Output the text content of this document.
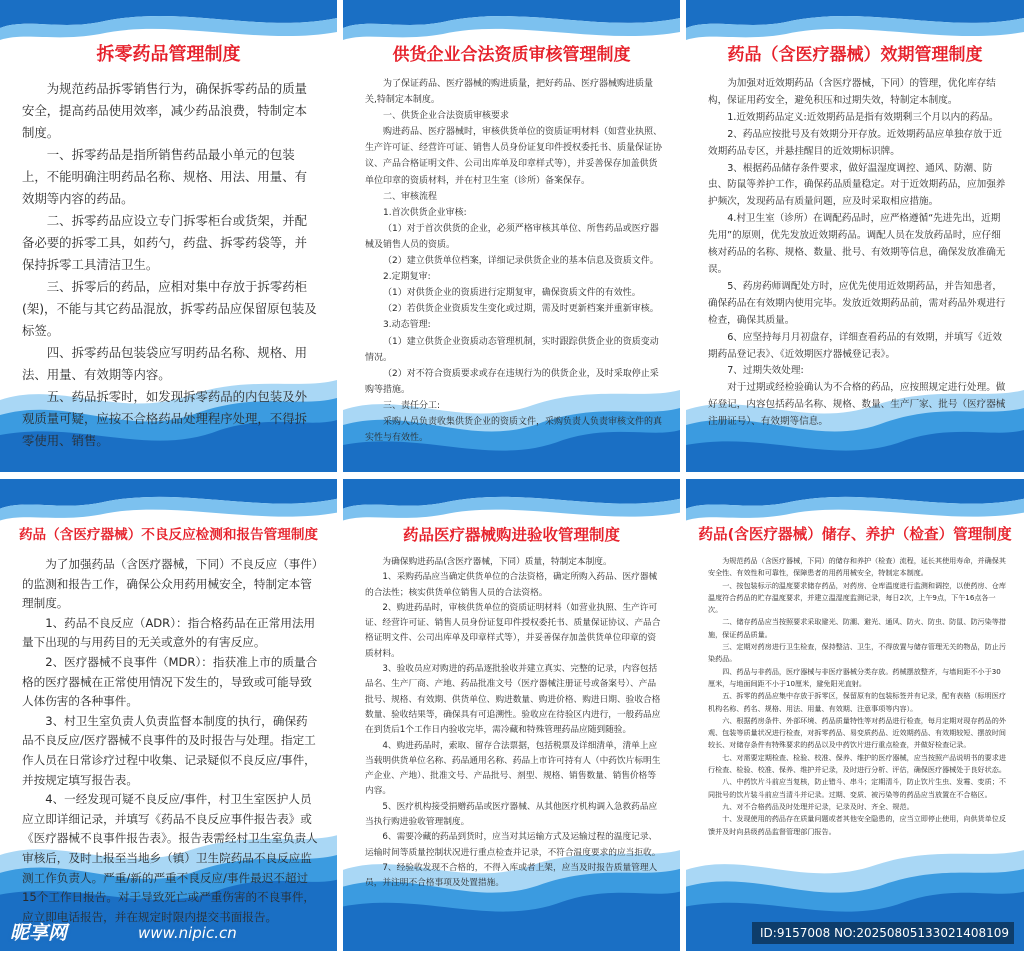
拆零药品管理制度

为规范药品拆零销售行为，确保拆零药品的质量安全，提高药品使用效率，减少药品浪费，特制定本制度。

一、拆零药品是指所销售药品最小单元的包装上，不能明确注明药品名称、规格、用法、用量、有效期等内容的药品。

二、拆零药品应设立专门拆零柜台或货架，并配备必要的拆零工具，如药勺，药盘、拆零药袋等，并保持拆零工具清洁卫生。

三、拆零后的药品，应相对集中存放于拆零药柜(架)，不能与其它药品混放，拆零药品应保留原包装及标签。

四、拆零药品包装袋应写明药品名称、规格、用法、用量、有效期等内容。

五、药品拆零时，如发现拆零药品的内包装及外观质量可疑，应按不合格药品处理程序处理，不得拆零使用、销售。

供货企业合法资质审核管理制度

为了保证药品、医疗器械的购进质量，把好药品、医疗器械购进质量关,特制定本制度。

一、供货企业合法资质审核要求

购进药品、医疗器械时，审核供货单位的资质证明材料（如营业执照、生产许可证、经营许可证、销售人员身份证复印件授权委托书、质量保证协议、产品合格证明文件、公司出库单及印章样式等），并妥善保存加盖供货单位印章的资质材料，并在村卫生室（诊所）备案保存。

二、审核流程

1.首次供货企业审核:

（1）对于首次供货的企业，必须严格审核其单位、所售药品或医疗器械及销售人员的资质。

（2）建立供货单位档案，详细记录供货企业的基本信息及资质文件。

2.定期复审:

（1）对供货企业的资质进行定期复审，确保资质文件的有效性。

（2）若供货企业资质发生变化或过期，需及时更新档案并重新审核。

3.动态管理:

（1）建立供货企业资质动态管理机制，实时跟踪供货企业的资质变动情况。

（2）对不符合资质要求或存在违规行为的供货企业，及时采取停止采购等措施。

三、责任分工:

采购人员负责收集供货企业的资质文件，采购负责人负责审核文件的真实性与有效性。

药品（含医疗器械）效期管理制度

为加强对近效期药品（含医疗器械，下同）的管理，优化库存结构，保证用药安全，避免积压和过期失效，特制定本制度。

1.近效期药品定义:近效期药品是指有效期剩三个月以内的药品。

2、药品应按批号及有效期分开存放。近效期药品应单独存放于近效期药品专区，并悬挂醒目的近效期标识牌。

3、根据药品储存条件要求，做好温湿度调控、通风、防潮、防虫、防鼠等养护工作，确保药品质量稳定。对于近效期药品，应加强养护频次，发现药品有质量问题，应及时采取相应措施。

4.村卫生室（诊所）在调配药品时，应严格遵循“先进先出，近期先用”的原则，优先发放近效期药品。调配人员在发放药品时，应仔细核对药品的名称、规格、数量、批号、有效期等信息，确保发放准确无误。

5、药房药师调配处方时，应优先使用近效期药品，并告知患者，确保药品在有效期内使用完毕。发放近效期药品前，需对药品外观进行检查，确保其质量。

6、应坚持每月月初盘存，详细查看药品的有效期，并填写《近效期药品登记表》、《近效期医疗器械登记表》。

7、过期失效处理:

对于过期或经检验确认为不合格的药品，应按照规定进行处理。做好登记，内容包括药品名称、规格、数量、生产厂家、批号（医疗器械注册证号）、有效期等信息。

药品（含医疗器械）不良反应检测和报告管理制度

为了加强药品（含医疗器械，下同）不良反应（事件）的监测和报告工作，确保公众用药用械安全，特制定本管理制度。

1、药品不良反应（ADR）：指合格药品在正常用法用量下出现的与用药目的无关或意外的有害反应。

2、医疗器械不良事件（MDR）：指获准上市的质量合格的医疗器械在正常使用情况下发生的，导致或可能导致人体伤害的各种事件。

3、村卫生室负责人负责监督本制度的执行，确保药品不良反应/医疗器械不良事件的及时报告与处理。指定工作人员在日常诊疗过程中收集、记录疑似不良反应/事件，并按规定填写报告表。

4、一经发现可疑不良反应/事件，村卫生室医护人员应立即详细记录，并填写《药品不良反应事件报告表》或《医疗器械不良事件报告表》。报告表需经村卫生室负责人审核后，及时上报至当地乡（镇）卫生院药品不良反应监测工作负责人。严重/新的严重不良反应/事件最迟不超过15个工作日报告。对于导致死亡或严重伤害的不良事件，应立即电话报告，并在规定时限内提交书面报告。

药品医疗器械购进验收管理制度

为确保购进药品(含医疗器械，下同）质量，特制定本制度。

1、采购药品应当确定供货单位的合法资格，确定所购入药品、医疗器械的合法性；核实供货单位销售人员的合法资格。

2、购进药品时，审核供货单位的资质证明材料（如营业执照、生产许可证、经营许可证、销售人员身份证复印件授权委托书、质量保证协议、产品合格证明文件、公司出库单及印章样式等），并妥善保存加盖供货单位印章的资质材料。

3、验收员应对购进的药品逐批验收并建立真实、完整的记录，内容包括品名、生产厂商、产地、药品批准文号（医疗器械注册证号或备案号）、产品批号、规格、有效期、供货单位、购进数量、购进价格、购进日期、验收合格数量、验收结果等，确保具有可追溯性。验收应在待验区内进行，一般药品应在到货后1个工作日内验收完毕，需冷藏和特殊管理药品应随到随验。

4、购进药品时，索取、留存合法票据，包括税票及详细清单，清单上应当载明供货单位名称、药品通用名称、药品上市许可持有人（中药饮片标明生产企业、产地）、批准文号、产品批号、剂型、规格、销售数量、销售价格等内容。

5、医疗机构接受捐赠药品或医疗器械、从其他医疗机构调入急救药品应当执行购进验收管理制度。

6、需要冷藏的药品到货时，应当对其运输方式及运输过程的温度记录、运输时间等质量控制状况进行重点检查并记录，不符合温度要求的应当拒收。

7、经验收发现不合格的，不得入库或者上架，应当及时报告质量管理人员，并注明不合格事项及处置措施。

药品(含医疗器械）储存、养护（检查）管理制度

为规范药品（含医疗器械，下同）的储存和养护（检查）流程，延长其使用寿命，并确保其安全性、有效性和可靠性，保障患者的用药用械安全，特制定本制度。

一、按包装标示的温度要求储存药品，对药房、仓库温度进行监测和调控，以使药房、仓库温度符合药品的贮存温度要求，并建立温湿度监测记录，每日2次，上午9点，下午16点各一次。

二、储存药品应当按照要求采取避光、防潮、避光、通风、防火、防虫、防鼠、防污染等措施，保证药品质量。

三、定期对药房进行卫生检查，保持整洁、卫生，不得放置与储存管理无关的物品，防止污染药品。

四、药品与非药品，医疗器械与非医疗器械分类存放。药械摆放整齐，与墙间距不小于30厘米，与地面间距不小于10厘米，避免阳光直射。

五、拆零的药品应集中存放于拆零区，保留原有的包装标签并有记录，配有表格（标明医疗机构名称、药名、规格、用法、用量、有效期、注意事项等内容）。

六、根据药房条件、外部环境、药品质量特性等对药品进行检查，每月定期对现存药品的外观、包装等质量状况进行检查，对拆零药品、易变质药品、近效期药品、有效期较短、摆放时间较长、对储存条件有特殊要求的药品以及中药饮片进行重点检查，并做好检查记录。

七、对需要定期检查、检验、校准、保养、维护的医疗器械，应当按照产品说明书的要求进行检查、检验、校准、保养、维护并记录，及时进行分析、评估，确保医疗器械处于良好状态。

八、中药饮片斗前应当复核，防止错斗、串斗；定期清斗，防止饮片生虫、发霉、变质；不同批号的饮片装斗前应当清斗并记录。过期、变质、被污染等的药品应当放置在不合格区。

九、对不合格药品及时处理并记录，记录及时、齐全、规范。

十、发现使用的药品存在质量问题或者其他安全隐患的，应当立即停止使用，向供货单位反馈并及时向县级药品监督管理部门报告。

昵享网	www.nipic.cn	ID:9157008 NO:20250805133021408109
